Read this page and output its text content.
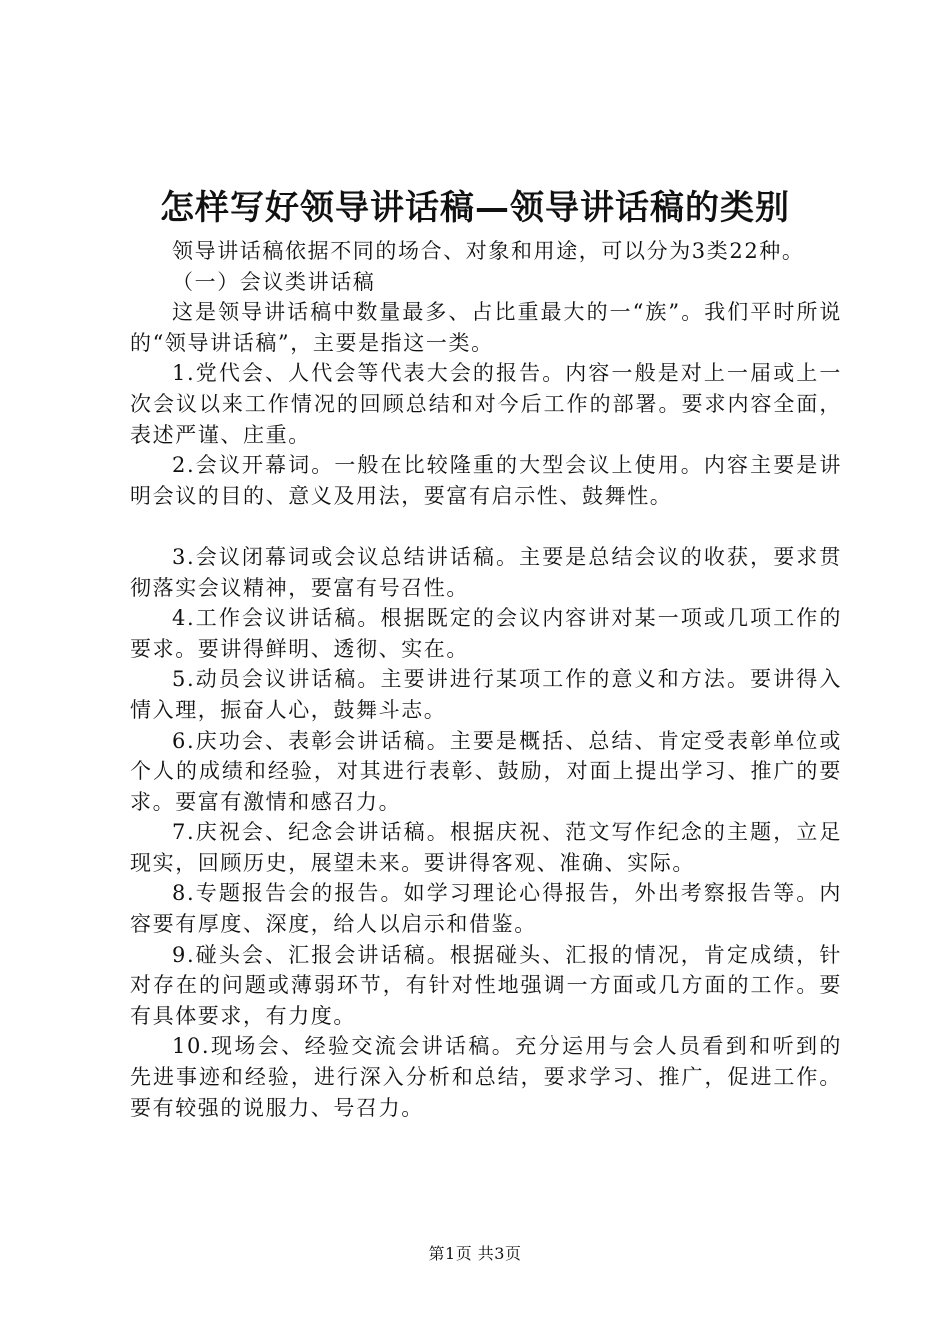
怎样写好领导讲话稿—领导讲话稿的类别

领导讲话稿依据不同的场合、对象和用途，可以分为3类22种。

（一）会议类讲话稿

这是领导讲话稿中数量最多、占比重最大的一“族”。我们平时所说的“领导讲话稿”，主要是指这一类。

1.党代会、人代会等代表大会的报告。内容一般是对上一届或上一次会议以来工作情况的回顾总结和对今后工作的部署。要求内容全面，表述严谨、庄重。

2.会议开幕词。一般在比较隆重的大型会议上使用。内容主要是讲明会议的目的、意义及用法，要富有启示性、鼓舞性。

3.会议闭幕词或会议总结讲话稿。主要是总结会议的收获，要求贯彻落实会议精神，要富有号召性。

4.工作会议讲话稿。根据既定的会议内容讲对某一项或几项工作的要求。要讲得鲜明、透彻、实在。

5.动员会议讲话稿。主要讲进行某项工作的意义和方法。要讲得入情入理，振奋人心，鼓舞斗志。

6.庆功会、表彰会讲话稿。主要是概括、总结、肯定受表彰单位或个人的成绩和经验，对其进行表彰、鼓励，对面上提出学习、推广的要求。要富有激情和感召力。

7.庆祝会、纪念会讲话稿。根据庆祝、范文写作纪念的主题，立足现实，回顾历史，展望未来。要讲得客观、准确、实际。

8.专题报告会的报告。如学习理论心得报告，外出考察报告等。内容要有厚度、深度，给人以启示和借鉴。

9.碰头会、汇报会讲话稿。根据碰头、汇报的情况，肯定成绩，针对存在的问题或薄弱环节，有针对性地强调一方面或几方面的工作。要有具体要求，有力度。

10.现场会、经验交流会讲话稿。充分运用与会人员看到和听到的先进事迹和经验，进行深入分析和总结，要求学习、推广，促进工作。要有较强的说服力、号召力。

第1页 共3页
